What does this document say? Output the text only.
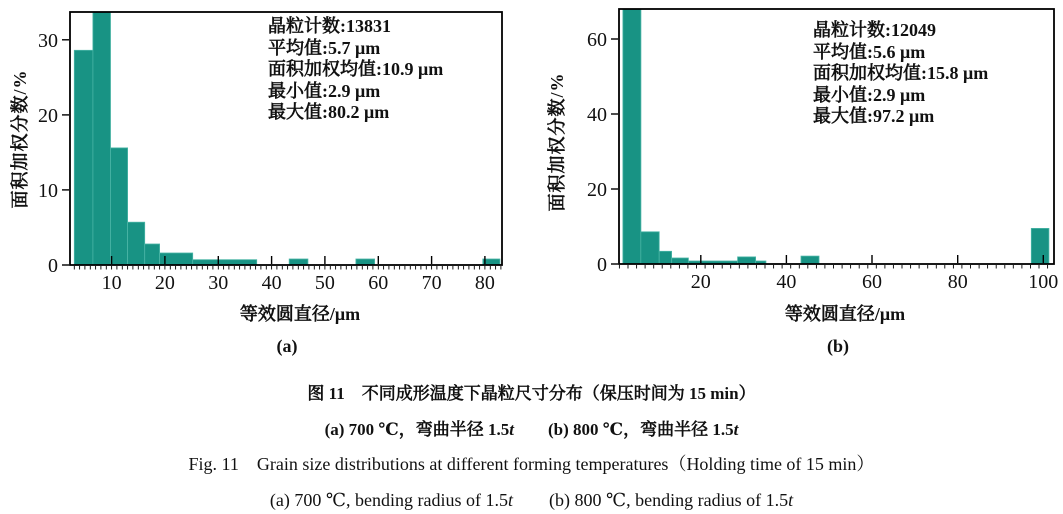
10 20 30 40 50 60 70 80
0
10
20
30
20	40	60	80	100
0
20
40
60
面积加权分数/%
等效圆直径/μm
晶粒计数:13831
平均值:5.7 μm
面积加权均值:10.9 μm
最小值:2.9 μm
最大值:80.2 μm
(a)
面积加权分数/%
等效圆直径/μm
晶粒计数:12049
平均值:5.6 μm
面积加权均值:15.8 μm
最小值:2.9 μm
最大值:97.2 μm
(b)
图 11　不同成形温度下晶粒尺寸分布（保压时间为 15 min）
(a) 700 ℃，弯曲半径 1.5t　　(b) 800 ℃，弯曲半径 1.5t
Fig. 11　Grain size distributions at different forming temperatures（Holding time of 15 min）
(a) 700 ℃, bending radius of 1.5t　　(b) 800 ℃, bending radius of 1.5t
